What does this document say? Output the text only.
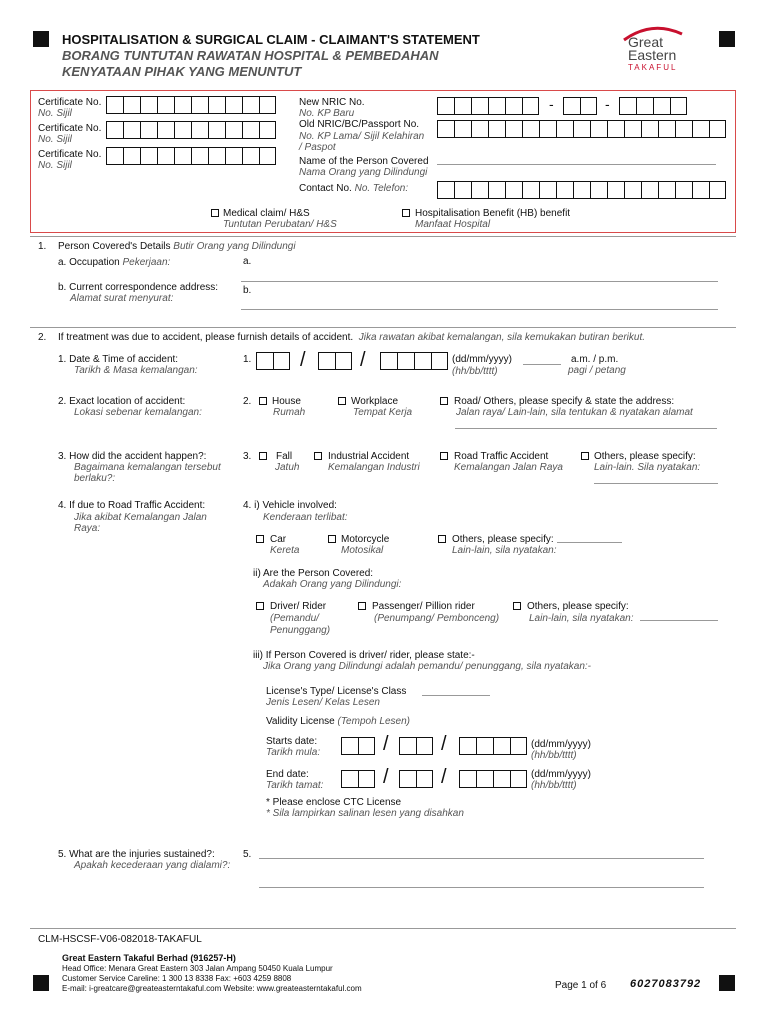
HOSPITALISATION & SURGICAL CLAIM - CLAIMANT'S STATEMENT
BORANG TUNTUTAN RAWATAN HOSPITAL & PEMBEDAHAN
KENYATAAN PIHAK YANG MENUNTUT
Great
Eastern
TAKAFUL
Certificate No.
No. Sijil
Certificate No.
No. Sijil
Certificate No.
No. Sijil
New NRIC No.
No. KP Baru
-	-
Old NRIC/BC/Passport No.
No. KP Lama/ Sijil Kelahiran
/ Paspot
Name of the Person Covered
Nama Orang yang Dilindungi
Contact No. No. Telefon:
Medical claim/ H&S
Tuntutan Perubatan/ H&S
Hospitalisation Benefit (HB) benefit
Manfaat Hospital
1. Person Covered's Details Butir Orang yang Dilindungi
a. Occupation Pekerjaan:	a.
b. Current correspondence address:
Alamat surat menyurat:
b.
2. If treatment was due to accident, please furnish details of accident. Jika rawatan akibat kemalangan, sila kemukakan butiran berikut.
1. Date & Time of accident:
Tarikh & Masa kemalangan:
1. /	/	(dd/mm/yyyy)
(hh/bb/tttt)
a.m. / p.m.
pagi / petang
2. Exact location of accident:
Lokasi sebenar kemalangan:
2. House
Rumah
Workplace
Tempat Kerja
Road/ Others, please specify & state the address:
Jalan raya/ Lain-lain, sila tentukan & nyatakan alamat
3. How did the accident happen?:
Bagaimana kemalangan tersebut
berlaku?:
3. Fall
Jatuh
Industrial Accident
Kemalangan Industri
Road Traffic Accident
Kemalangan Jalan Raya
Others, please specify:
Lain-lain. Sila nyatakan:
4. If due to Road Traffic Accident:
Jika akibat Kemalangan Jalan
Raya:
4. i) Vehicle involved:
Kenderaan terlibat:
Car
Kereta
Motorcycle
Motosikal
Others, please specify:
Lain-lain, sila nyatakan:
ii) Are the Person Covered:
Adakah Orang yang Dilindungi:
Driver/ Rider
(Pemandu/
Penunggang)
Passenger/ Pillion rider
(Penumpang/ Pembonceng)
Others, please specify:
Lain-lain, sila nyatakan:
iii) If Person Covered is driver/ rider, please state:-
Jika Orang yang Dilindungi adalah pemandu/ penunggang, sila nyatakan:-
License's Type/ License's Class
Jenis Lesen/ Kelas Lesen
Validity License (Tempoh Lesen)
Starts date:
Tarikh mula:	/	/	(dd/mm/yyyy)
(hh/bb/tttt)
End date:
Tarikh tamat:	/	/	(dd/mm/yyyy)
(hh/bb/tttt)
* Please enclose CTC License
* Sila lampirkan salinan lesen yang disahkan
5. What are the injuries sustained?:
Apakah kecederaan yang dialami?:
5.
CLM-HSCSF-V06-082018-TAKAFUL
Great Eastern Takaful Berhad (916257-H)
Head Office: Menara Great Eastern 303 Jalan Ampang 50450 Kuala Lumpur
Customer Service Careline: 1 300 13 8338 Fax: +603 4259 8808
E-mail: i-greatcare@greateasterntakaful.com Website: www.greateasterntakaful.com	Page 1 of 6 6027083792
